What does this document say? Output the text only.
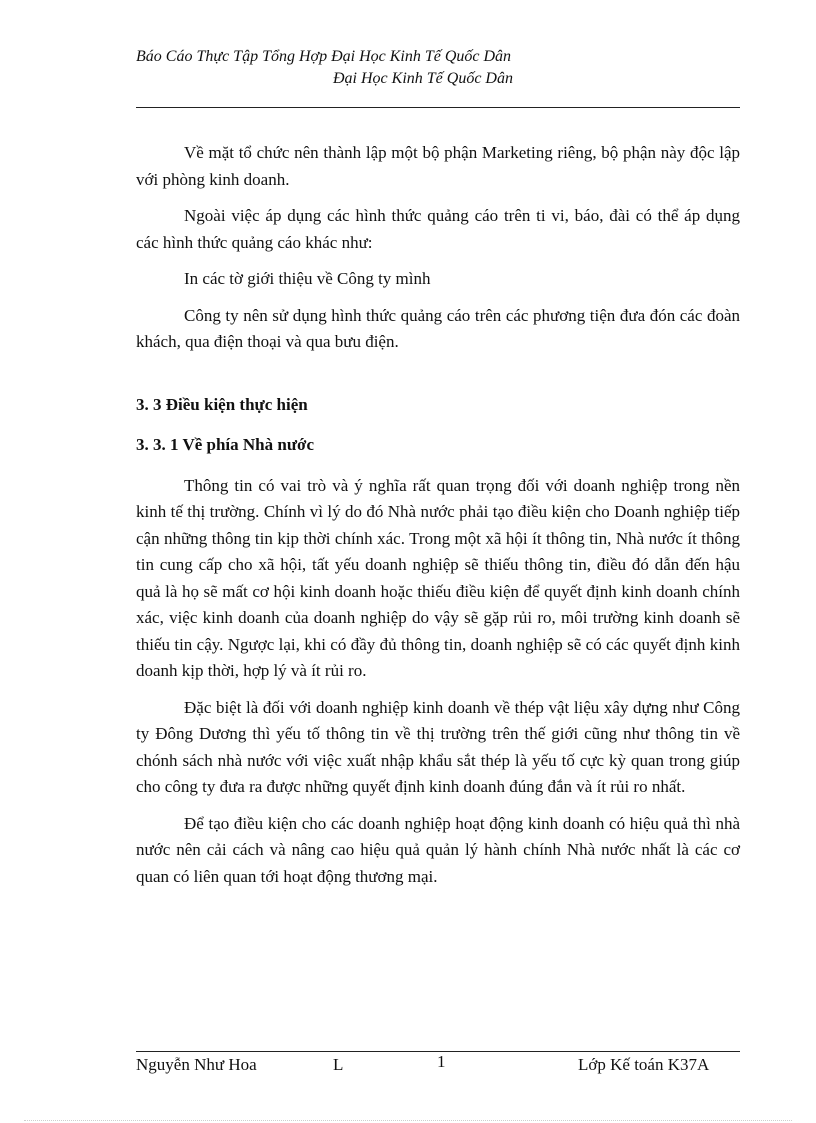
Báo Cáo Thực Tập Tổng Hợp Đại Học Kinh Tế Quốc Dân
Đại Học Kinh Tế Quốc Dân

Về mặt tổ chức nên thành lập một bộ phận Marketing riêng, bộ phận này độc lập với phòng kinh doanh.

Ngoài việc áp dụng các hình thức quảng cáo trên ti vi, báo, đài có thể áp dụng các hình thức quảng cáo khác như:

In các tờ giới thiệu về Công ty mình

Công ty nên sử dụng hình thức quảng cáo trên các phương tiện đưa đón các đoàn khách, qua điện thoại và qua bưu điện.

3. 3 Điều kiện thực hiện
3. 3. 1 Về phía Nhà nước

Thông tin có vai trò và ý nghĩa rất quan trọng đối với doanh nghiệp trong nền kinh tế thị trường. Chính vì lý do đó Nhà nước phải tạo điều kiện cho Doanh nghiệp tiếp cận những thông tin kịp thời chính xác. Trong một xã hội ít thông tin, Nhà nước ít thông tin cung cấp cho xã hội, tất yếu doanh nghiệp sẽ thiếu thông tin, điều đó dẫn đến hậu quả là họ sẽ mất cơ hội kinh doanh hoặc thiếu điều kiện để quyết định kinh doanh chính xác, việc kinh doanh của doanh nghiệp do vậy sẽ gặp rủi ro, môi trường kinh doanh sẽ thiếu tin cậy. Ngược lại, khi có đầy đủ thông tin, doanh nghiệp sẽ có các quyết định kinh doanh kịp thời, hợp lý và ít rủi ro.

Đặc biệt là đối với doanh nghiệp kinh doanh về thép vật liệu xây dựng như Công ty Đông Dương thì yếu tố thông tin về thị trường trên thế giới cũng như thông tin về chónh sách nhà nước với việc xuất nhập khẩu sắt thép là yếu tố cực kỳ quan trong giúp cho công ty đưa ra được những quyết định kinh doanh đúng đắn và ít rủi ro nhất.

Để tạo điều kiện cho các doanh nghiệp hoạt động kinh doanh có hiệu quả thì nhà nước nên cải cách và nâng cao hiệu quả quản lý hành chính Nhà nước nhất là các cơ quan có liên quan tới hoạt động thương mại.

Nguyễn Như Hoa	L	1	Lớp Kế toán K37A
